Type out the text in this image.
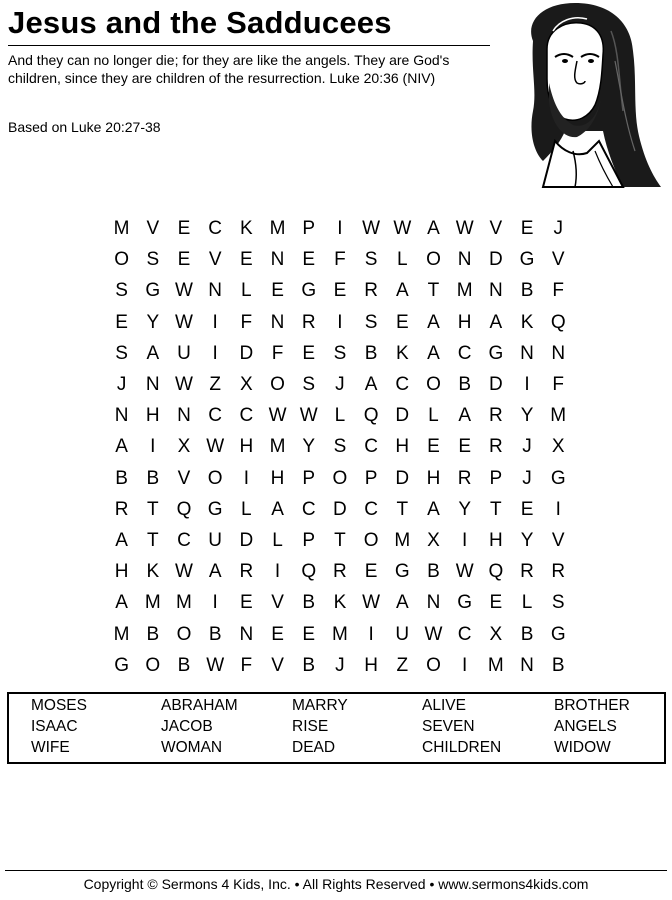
Jesus and the Sadducees
And they can no longer die; for they are like the angels. They are God's children, since they are children of the resurrection. Luke 20:36 (NIV)
Based on Luke 20:27-38
M V E C K M P	I	W W A W V E	J
O S E V E N E	F	S	L O N D G V
S G W N	L	E G E R A	T M N B	F
E Y W	I	F N R	I	S E A H A K Q
S A U	I	D F	E S B K A C G N N
J	N W Z	X O S	J	A C O B D	I	F
N H N C C W W L Q D	L	A R Y M
A	I	X W H M Y S C H E E R	J	X
B B V O	I	H P O P D H R P	J	G
R T Q G L	A C D C T	A Y	T	E	I
A	T C U D	L	P	T O M X	I	H Y V
H K W A R	I	Q R E G B W Q R R
A M M	I	E V B K W A N G E	L	S
M B O B N E E M	I	U W C X B G
G O B W F	V B	J	H Z O	I	M N B
MOSES	ABRAHAM	MARRY	ALIVE	BROTHER
ISAAC	JACOB	RISE	SEVEN	ANGELS
WIFE	WOMAN	DEAD	CHILDREN	WIDOW
Copyright © Sermons 4 Kids, Inc. • All Rights Reserved • www.sermons4kids.com
